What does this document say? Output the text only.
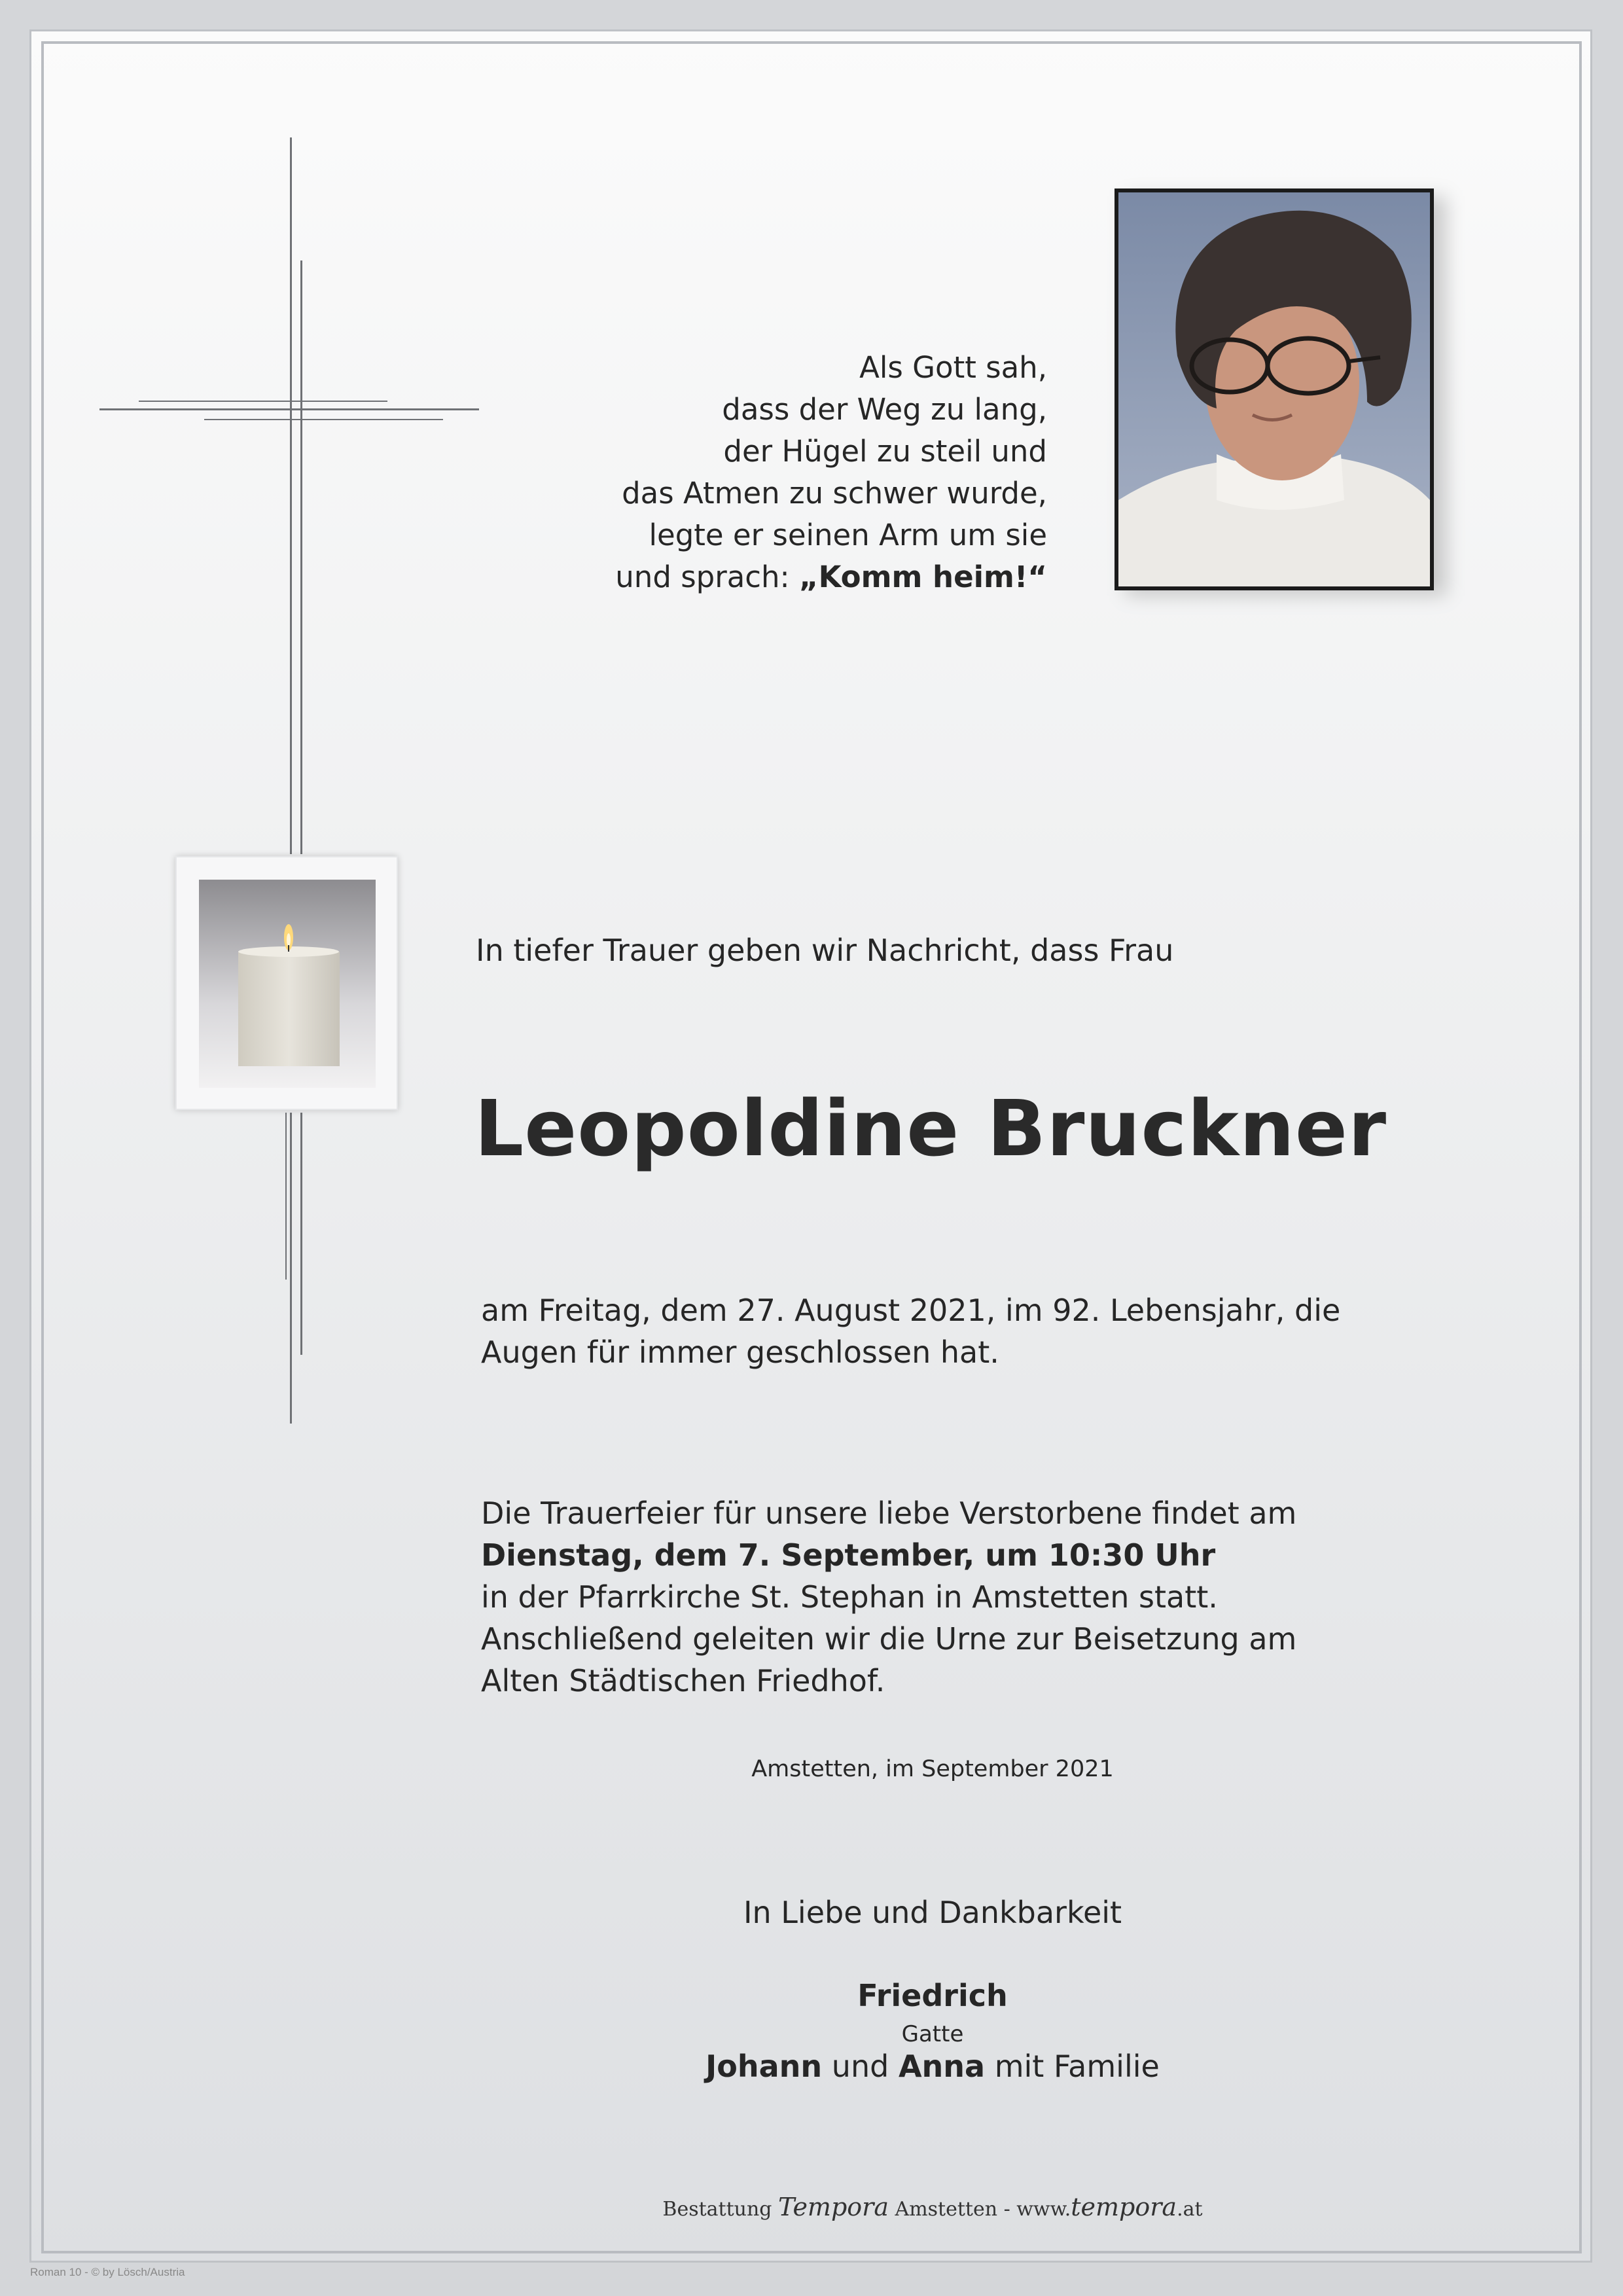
Als Gott sah,
dass der Weg zu lang,
der Hügel zu steil und
das Atmen zu schwer wurde,
legte er seinen Arm um sie
und sprach: „Komm heim!“
In tiefer Trauer geben wir Nachricht, dass Frau
Leopoldine Bruckner
am Freitag, dem 27. August 2021, im 92. Lebensjahr, die
Augen für immer geschlossen hat.
Die Trauerfeier für unsere liebe Verstorbene findet am
Dienstag, dem 7. September, um 10:30 Uhr
in der Pfarrkirche St. Stephan in Amstetten statt.
Anschließend geleiten wir die Urne zur Beisetzung am
Alten Städtischen Friedhof.
Amstetten, im September 2021
In Liebe und Dankbarkeit
Friedrich
Gatte
Johann und Anna mit Familie
Bestattung Tempora Amstetten - www.tempora.at
Roman 10 - © by Lösch/Austria
